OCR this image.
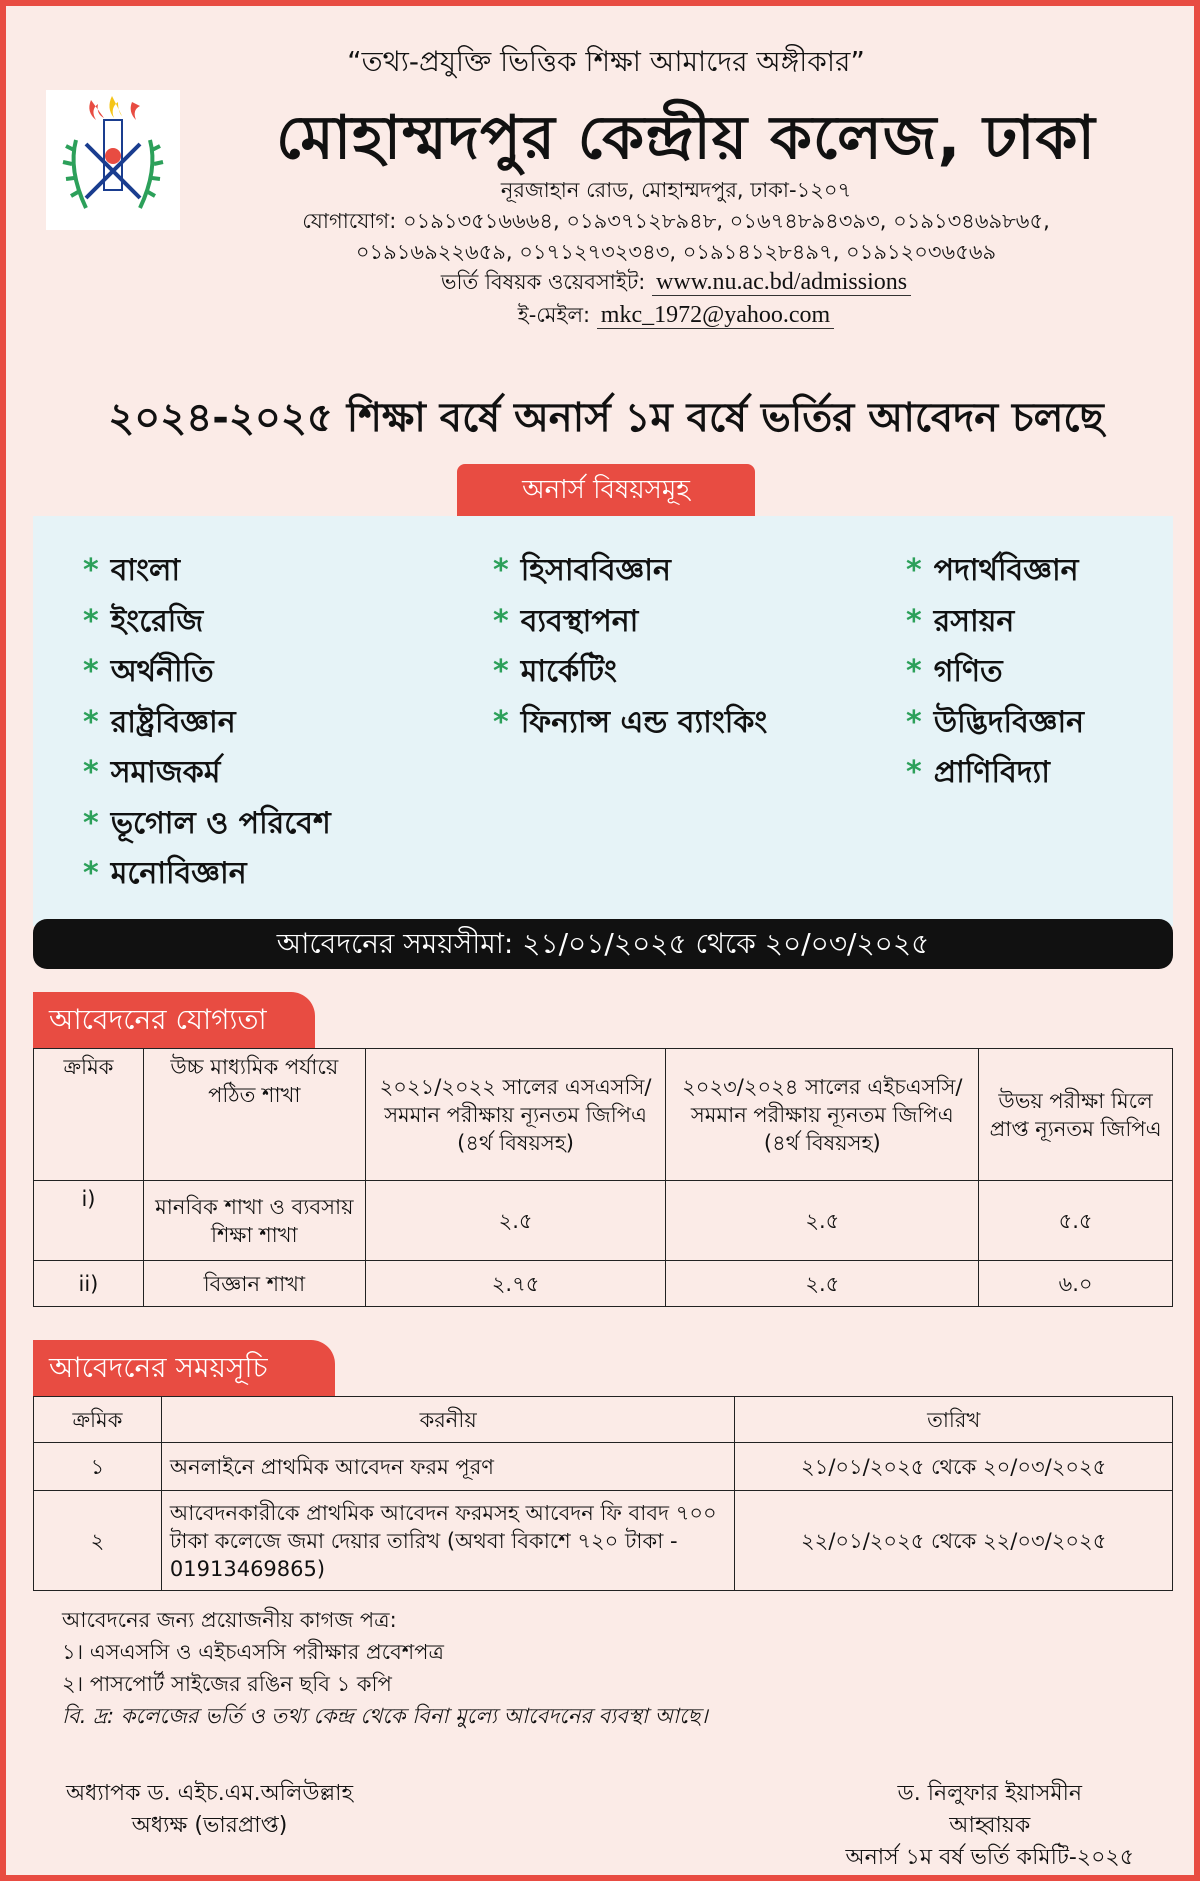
“তথ্য-প্রযুক্তি ভিত্তিক শিক্ষা আমাদের অঙ্গীকার”
মোহাম্মদপুর কেন্দ্রীয় কলেজ, ঢাকা
নূরজাহান রোড, মোহাম্মদপুর, ঢাকা-১২০৭
যোগাযোগ: ০১৯১৩৫১৬৬৬৪, ০১৯৩৭১২৮৯৪৮, ০১৬৭৪৮৯৪৩৯৩, ০১৯১৩৪৬৯৮৬৫,
০১৯১৬৯২২৬৫৯, ০১৭১২৭৩২৩৪৩, ০১৯১৪১২৮৪৯৭, ০১৯১২০৩৬৫৬৯
ভর্তি বিষয়ক ওয়েবসাইট: www.nu.ac.bd/admissions
ই-মেইল: mkc_1972@yahoo.com
২০২৪-২০২৫ শিক্ষা বর্ষে অনার্স ১ম বর্ষে ভর্তির আবেদন চলছে
অনার্স বিষয়সমূহ
* বাংলা
* ইংরেজি
* অর্থনীতি
* রাষ্ট্রবিজ্ঞান
* সমাজকর্ম
* ভূগোল ও পরিবেশ
* মনোবিজ্ঞান
* হিসাববিজ্ঞান
* ব্যবস্থাপনা
* মার্কেটিং
* ফিন্যান্স এন্ড ব্যাংকিং
* পদার্থবিজ্ঞান
* রসায়ন
* গণিত
* উদ্ভিদবিজ্ঞান
* প্রাণিবিদ্যা
আবেদনের সময়সীমা: ২১/০১/২০২৫ থেকে ২০/০৩/২০২৫
আবেদনের যোগ্যতা
ক্রমিক	উচ্চ মাধ্যমিক পর্যায়ে পঠিত শাখা	২০২১/২০২২ সালের এসএসসি/সমমান পরীক্ষায় ন্যূনতম জিপিএ (৪র্থ বিষয়সহ)	২০২৩/২০২৪ সালের এইচএসসি/সমমান পরীক্ষায় ন্যূনতম জিপিএ (৪র্থ বিষয়সহ)	উভয় পরীক্ষা মিলে প্রাপ্ত ন্যূনতম জিপিএ
i)	মানবিক শাখা ও ব্যবসায় শিক্ষা শাখা	২.৫	২.৫	৫.৫
ii)	বিজ্ঞান শাখা	২.৭৫	২.৫	৬.০
আবেদনের সময়সূচি
ক্রমিক	করনীয়	তারিখ
১	অনলাইনে প্রাথমিক আবেদন ফরম পূরণ	২১/০১/২০২৫ থেকে ২০/০৩/২০২৫
২	আবেদনকারীকে প্রাথমিক আবেদন ফরমসহ আবেদন ফি বাবদ ৭০০ টাকা কলেজে জমা দেয়ার তারিখ (অথবা বিকাশে ৭২০ টাকা - 01913469865)	২২/০১/২০২৫ থেকে ২২/০৩/২০২৫
আবেদনের জন্য প্রয়োজনীয় কাগজ পত্র:
১। এসএসসি ও এইচএসসি পরীক্ষার প্রবেশপত্র
২। পাসপোর্ট সাইজের রঙিন ছবি ১ কপি
বি. দ্র: কলেজের ভর্তি ও তথ্য কেন্দ্র থেকে বিনা মুল্যে আবেদনের ব্যবস্থা আছে।
অধ্যাপক ড. এইচ.এম.অলিউল্লাহ
অধ্যক্ষ (ভারপ্রাপ্ত)
ড. নিলুফার ইয়াসমীন
আহ্বায়ক
অনার্স ১ম বর্ষ ভর্তি কমিটি-২০২৫
